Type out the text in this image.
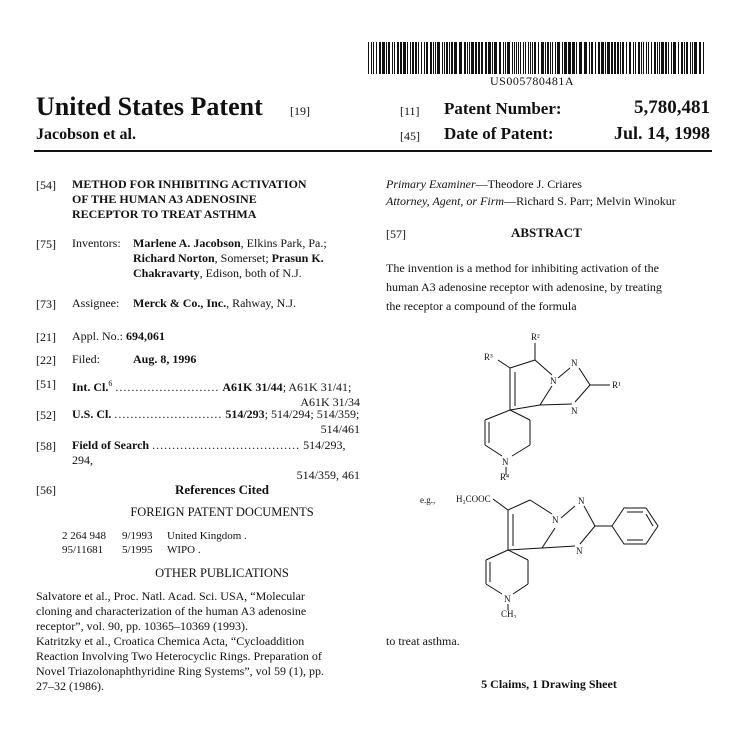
US005780481A
United States Patent [19]
Jacobson et al.
[11] Patent Number:	5,780,481
[45] Date of Patent:	Jul. 14, 1998
[54] METHOD FOR INHIBITING ACTIVATION
OF THE HUMAN A3 ADENOSINE
RECEPTOR TO TREAT ASTHMA
[75] Inventors: Marlene A. Jacobson, Elkins Park, Pa.;
Richard Norton, Somerset; Prasun K.
Chakravarty, Edison, both of N.J.
[73] Assignee: Merck & Co., Inc., Rahway, N.J.
[21] Appl. No.: 694,061
[22] Filed:	Aug. 8, 1996
[51] Int. Cl.$^6$ .......................... A61K 31/44; A61K 31/41;
A61K 31/34
[52] U.S. Cl. ........................... 514/293; 514/294; 514/359;
514/461
[58] Field of Search ..................................... 514/293, 294,
514/359, 461
[56]	References Cited
FOREIGN PATENT DOCUMENTS
2 264 948 9/1993 United Kingdom .
95/11681 5/1995 WIPO .
OTHER PUBLICATIONS
Salvatore et al., Proc. Natl. Acad. Sci. USA, “Molecular
cloning and characterization of the human A3 adenosine
receptor”, vol. 90, pp. 10365–10369 (1993).
Katritzky et al., Croatica Chemica Acta, “Cycloaddition
Reaction Involving Two Heterocyclic Rings. Preparation of
Novel Triazolonaphthyridine Ring Systems”, vol 59 (1), pp.
27–32 (1986).
Primary Examiner—Theodore J. Criares
Attorney, Agent, or Firm—Richard S. Parr; Melvin Winokur
[57]	ABSTRACT
The invention is a method for inhibiting activation of the
human A3 adenosine receptor with adenosine, by treating
the receptor a compound of the formula
R²
R³
N
N
N
R¹
N
R⁴
e.g., H₃COOC
N
N
N
N
CH₃
to treat asthma.
5 Claims, 1 Drawing Sheet
